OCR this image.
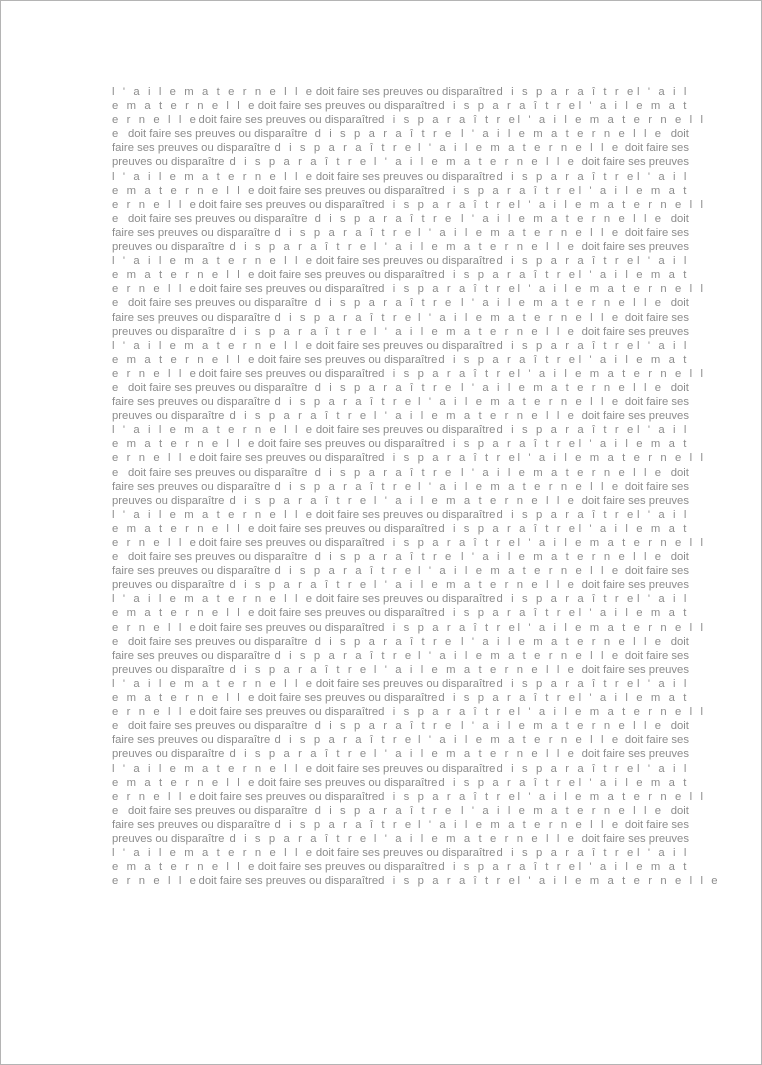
l ' a i l e m a t e r n e l l e doit faire ses preuves ou disparaître d i s p a r a î t r e l ' a i l
e m a t e r n e l l e doit faire ses preuves ou disparaître d i s p a r a î t r e l ' a i l e m a t
e r n e l l e doit faire ses preuves ou disparaître d i s p a r a î t r e l ' a i l e m a t e r n e l l
e doit faire ses preuves ou disparaître d i s p a r a î t r e l ' a i l e m a t e r n e l l e doit
faire ses preuves ou disparaître d i s p a r a î t r e l ' a i l e m a t e r n e l l e doit faire ses
preuves ou disparaître d i s p a r a î t r e l ' a i l e m a t e r n e l l e doit faire ses preuves
l ' a i l e m a t e r n e l l e doit faire ses preuves ou disparaître d i s p a r a î t r e l ' a i l
e m a t e r n e l l e doit faire ses preuves ou disparaître d i s p a r a î t r e l ' a i l e m a t
e r n e l l e doit faire ses preuves ou disparaître d i s p a r a î t r e l ' a i l e m a t e r n e l l
e doit faire ses preuves ou disparaître d i s p a r a î t r e l ' a i l e m a t e r n e l l e doit
faire ses preuves ou disparaître d i s p a r a î t r e l ' a i l e m a t e r n e l l e doit faire ses
preuves ou disparaître d i s p a r a î t r e l ' a i l e m a t e r n e l l e doit faire ses preuves
l ' a i l e m a t e r n e l l e doit faire ses preuves ou disparaître d i s p a r a î t r e l ' a i l
e m a t e r n e l l e doit faire ses preuves ou disparaître d i s p a r a î t r e l ' a i l e m a t
e r n e l l e doit faire ses preuves ou disparaître d i s p a r a î t r e l ' a i l e m a t e r n e l l
e doit faire ses preuves ou disparaître d i s p a r a î t r e l ' a i l e m a t e r n e l l e doit
faire ses preuves ou disparaître d i s p a r a î t r e l ' a i l e m a t e r n e l l e doit faire ses
preuves ou disparaître d i s p a r a î t r e l ' a i l e m a t e r n e l l e doit faire ses preuves
l ' a i l e m a t e r n e l l e doit faire ses preuves ou disparaître d i s p a r a î t r e l ' a i l
e m a t e r n e l l e doit faire ses preuves ou disparaître d i s p a r a î t r e l ' a i l e m a t
e r n e l l e doit faire ses preuves ou disparaître d i s p a r a î t r e l ' a i l e m a t e r n e l l
e doit faire ses preuves ou disparaître d i s p a r a î t r e l ' a i l e m a t e r n e l l e doit
faire ses preuves ou disparaître d i s p a r a î t r e l ' a i l e m a t e r n e l l e doit faire ses
preuves ou disparaître d i s p a r a î t r e l ' a i l e m a t e r n e l l e doit faire ses preuves
l ' a i l e m a t e r n e l l e doit faire ses preuves ou disparaître d i s p a r a î t r e l ' a i l
e m a t e r n e l l e doit faire ses preuves ou disparaître d i s p a r a î t r e l ' a i l e m a t
e r n e l l e doit faire ses preuves ou disparaître d i s p a r a î t r e l ' a i l e m a t e r n e l l
e doit faire ses preuves ou disparaître d i s p a r a î t r e l ' a i l e m a t e r n e l l e doit
faire ses preuves ou disparaître d i s p a r a î t r e l ' a i l e m a t e r n e l l e doit faire ses
preuves ou disparaître d i s p a r a î t r e l ' a i l e m a t e r n e l l e doit faire ses preuves
l ' a i l e m a t e r n e l l e doit faire ses preuves ou disparaître d i s p a r a î t r e l ' a i l
e m a t e r n e l l e doit faire ses preuves ou disparaître d i s p a r a î t r e l ' a i l e m a t
e r n e l l e doit faire ses preuves ou disparaître d i s p a r a î t r e l ' a i l e m a t e r n e l l
e doit faire ses preuves ou disparaître d i s p a r a î t r e l ' a i l e m a t e r n e l l e doit
faire ses preuves ou disparaître d i s p a r a î t r e l ' a i l e m a t e r n e l l e doit faire ses
preuves ou disparaître d i s p a r a î t r e l ' a i l e m a t e r n e l l e doit faire ses preuves
l ' a i l e m a t e r n e l l e doit faire ses preuves ou disparaître d i s p a r a î t r e l ' a i l
e m a t e r n e l l e doit faire ses preuves ou disparaître d i s p a r a î t r e l ' a i l e m a t
e r n e l l e doit faire ses preuves ou disparaître d i s p a r a î t r e l ' a i l e m a t e r n e l l
e doit faire ses preuves ou disparaître d i s p a r a î t r e l ' a i l e m a t e r n e l l e doit
faire ses preuves ou disparaître d i s p a r a î t r e l ' a i l e m a t e r n e l l e doit faire ses
preuves ou disparaître d i s p a r a î t r e l ' a i l e m a t e r n e l l e doit faire ses preuves
l ' a i l e m a t e r n e l l e doit faire ses preuves ou disparaître d i s p a r a î t r e l ' a i l
e m a t e r n e l l e doit faire ses preuves ou disparaître d i s p a r a î t r e l ' a i l e m a t
e r n e l l e doit faire ses preuves ou disparaître d i s p a r a î t r e l ' a i l e m a t e r n e l l
e doit faire ses preuves ou disparaître d i s p a r a î t r e l ' a i l e m a t e r n e l l e doit
faire ses preuves ou disparaître d i s p a r a î t r e l ' a i l e m a t e r n e l l e doit faire ses
preuves ou disparaître d i s p a r a î t r e l ' a i l e m a t e r n e l l e doit faire ses preuves
l ' a i l e m a t e r n e l l e doit faire ses preuves ou disparaître d i s p a r a î t r e l ' a i l
e m a t e r n e l l e doit faire ses preuves ou disparaître d i s p a r a î t r e l ' a i l e m a t
e r n e l l e doit faire ses preuves ou disparaître d i s p a r a î t r e l ' a i l e m a t e r n e l l
e doit faire ses preuves ou disparaître d i s p a r a î t r e l ' a i l e m a t e r n e l l e doit
faire ses preuves ou disparaître d i s p a r a î t r e l ' a i l e m a t e r n e l l e doit faire ses
preuves ou disparaître d i s p a r a î t r e l ' a i l e m a t e r n e l l e doit faire ses preuves
l ' a i l e m a t e r n e l l e doit faire ses preuves ou disparaître d i s p a r a î t r e l ' a i l
e m a t e r n e l l e doit faire ses preuves ou disparaître d i s p a r a î t r e l ' a i l e m a t
e r n e l l e doit faire ses preuves ou disparaître d i s p a r a î t r e l ' a i l e m a t e r n e l l e
